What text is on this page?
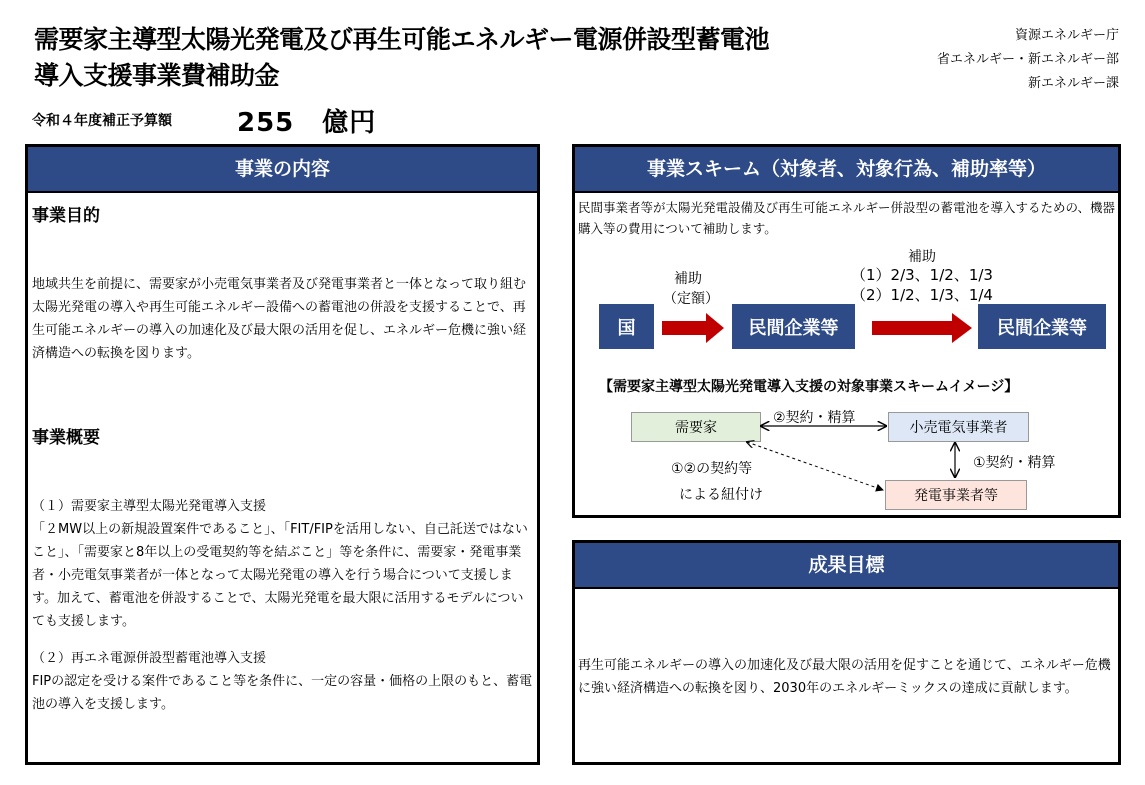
需要家主導型太陽光発電及び再生可能エネルギー電源併設型蓄電池
導入支援事業費補助金
資源エネルギー庁
省エネルギー・新エネルギー部
新エネルギー課
令和４年度補正予算額	255 億円
事業の内容
事業目的
地域共生を前提に、需要家が小売電気事業者及び発電事業者と一体となって取り組む太陽光発電の導入や再生可能エネルギー設備への蓄電池の併設を支援することで、再生可能エネルギーの導入の加速化及び最大限の活用を促し、エネルギー危機に強い経済構造への転換を図ります。
事業概要
（１）需要家主導型太陽光発電導入支援
「２MW以上の新規設置案件であること」、「FIT/FIPを活用しない、自己託送ではないこと」、「需要家と8年以上の受電契約等を結ぶこと」等を条件に、需要家・発電事業者・小売電気事業者が一体となって太陽光発電の導入を行う場合について支援します。加えて、蓄電池を併設することで、太陽光発電を最大限に活用するモデルについても支援します。
（２）再エネ電源併設型蓄電池導入支援
FIPの認定を受ける案件であること等を条件に、一定の容量・価格の上限のもと、蓄電池の導入を支援します。
事業スキーム（対象者、対象行為、補助率等）
民間事業者等が太陽光発電設備及び再生可能エネルギー併設型の蓄電池を導入するための、機器購入等の費用について補助します。
補助
（定額）
補助
（1）2/3、1/2、1/3
（2）1/2、1/3、1/4
国	民間企業等	民間企業等
【需要家主導型太陽光発電導入支援の対象事業スキームイメージ】
需要家	小売電気事業者
発電事業者等
②契約・精算
①契約・精算
①②の契約等
による紐付け
成果目標
再生可能エネルギーの導入の加速化及び最大限の活用を促すことを通じて、エネルギー危機に強い経済構造への転換を図り、2030年のエネルギーミックスの達成に貢献します。
